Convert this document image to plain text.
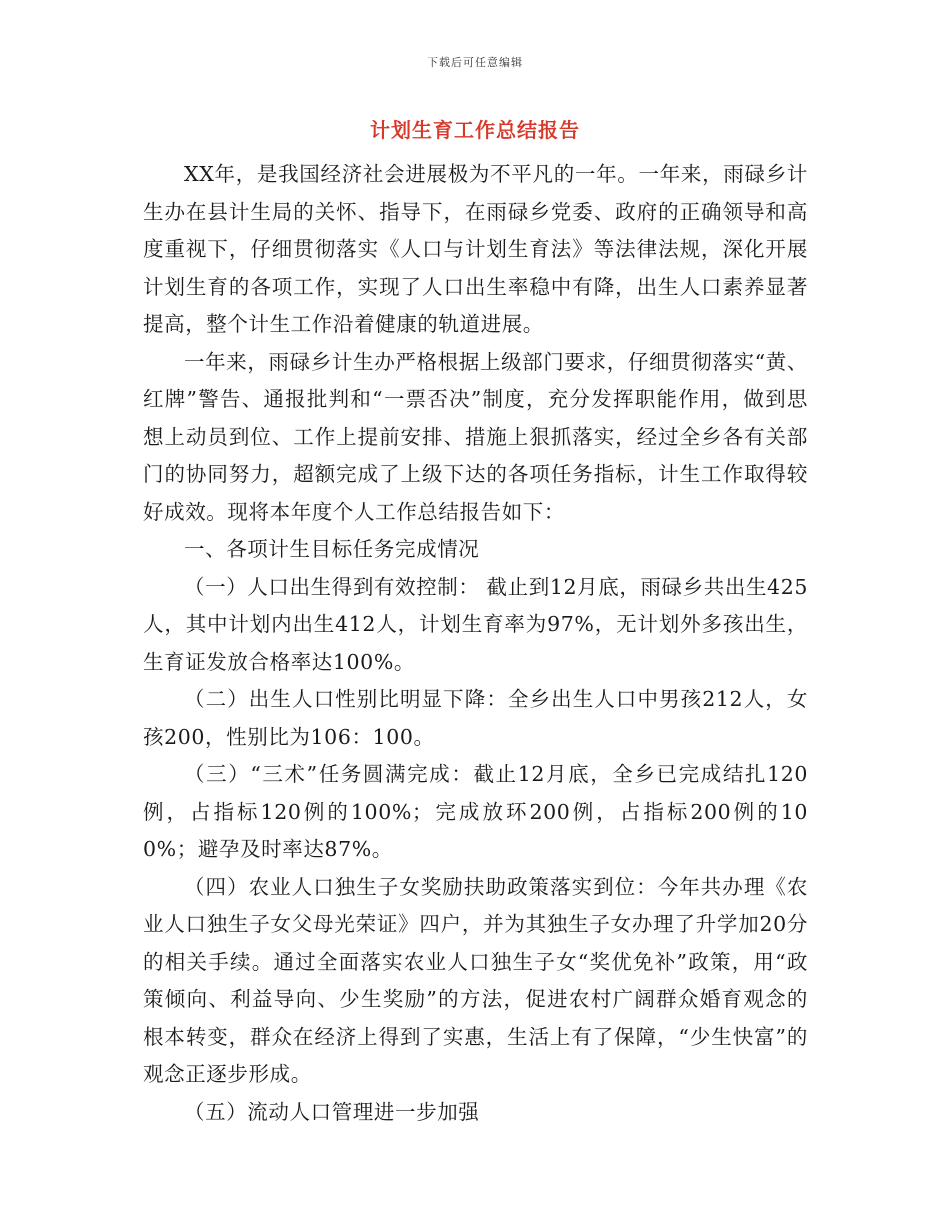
下载后可任意编辑
计划生育工作总结报告

XX年，是我国经济社会进展极为不平凡的一年。一年来，雨碌乡计生办在县计生局的关怀、指导下，在雨碌乡党委、政府的正确领导和高度重视下，仔细贯彻落实《人口与计划生育法》等法律法规，深化开展计划生育的各项工作，实现了人口出生率稳中有降，出生人口素养显著提高，整个计生工作沿着健康的轨道进展。

一年来，雨碌乡计生办严格根据上级部门要求，仔细贯彻落实“黄、红牌”警告、通报批判和“一票否决”制度，充分发挥职能作用，做到思想上动员到位、工作上提前安排、措施上狠抓落实，经过全乡各有关部门的协同努力，超额完成了上级下达的各项任务指标，计生工作取得较好成效。现将本年度个人工作总结报告如下：

一、各项计生目标任务完成情况

（一）人口出生得到有效控制： 截止到12月底，雨碌乡共出生425人，其中计划内出生412人，计划生育率为97%，无计划外多孩出生，生育证发放合格率达100%。

（二）出生人口性别比明显下降：全乡出生人口中男孩212人，女孩200，性别比为106：100。

（三）“三术”任务圆满完成：截止12月底，全乡已完成结扎120例，占指标120例的100%；完成放环200例，占指标200例的100%；避孕及时率达87%。

（四）农业人口独生子女奖励扶助政策落实到位：今年共办理《农业人口独生子女父母光荣证》四户，并为其独生子女办理了升学加20分的相关手续。通过全面落实农业人口独生子女“奖优免补”政策，用“政策倾向、利益导向、少生奖励”的方法，促进农村广阔群众婚育观念的根本转变，群众在经济上得到了实惠，生活上有了保障，“少生快富”的观念正逐步形成。

（五）流动人口管理进一步加强
